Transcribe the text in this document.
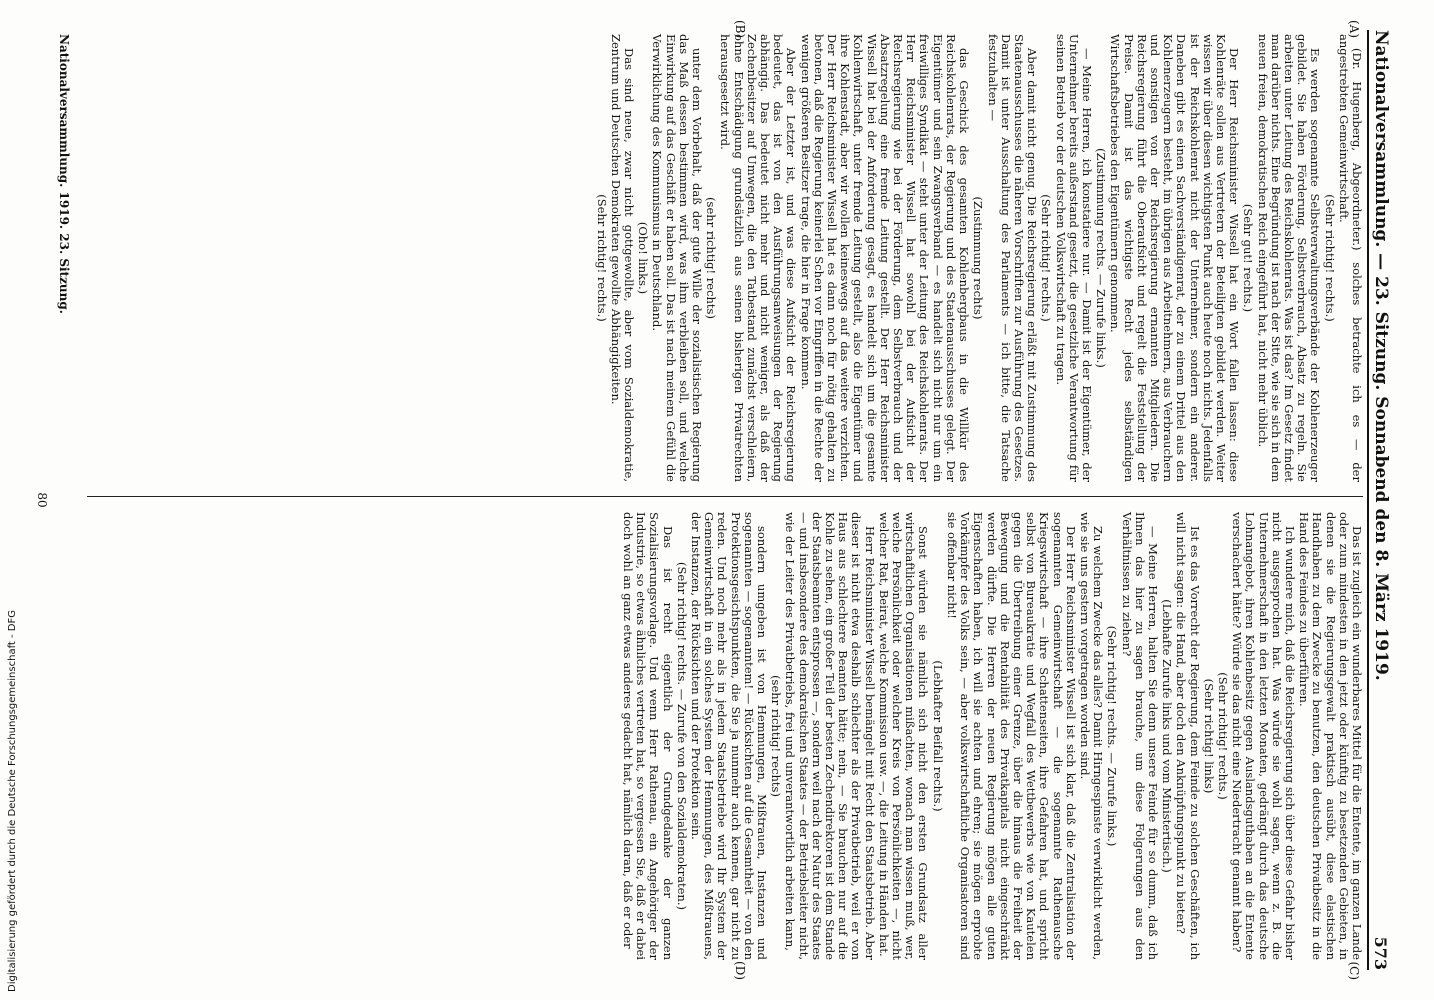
Nationalversammlung. — 23. Sitzung. Sonnabend den 8. März 1919.
573
(A)
(B)
(C)
(D)

(Dr. Hugenberg, Abgeordneter.) solches betrachte ich es — der angestrebten Gemeinwirtschaft.

(Sehr richtig! rechts.)

Es werden sogenannte Selbstverwaltungsverbände der Kohlenerzeuger gebildet. Sie haben Förderung, Selbstverbrauch, Absatz zu regeln. Sie arbeiten unter Leitung des Reichskohlenrats. Was ist das? Im Gesetz findet man darüber nichts. Eine Begründung ist nach der Sitte, wie sie sich in dem neuen freien, demokratischen Reich eingeführt hat, nicht mehr üblich.

(Sehr gut! rechts.)

Der Herr Reichsminister Wissell hat ein Wort fallen lassen: diese Kohlenräte sollen aus Vertretern der Beteiligten gebildet werden. Weiter wissen wir über diesen wichtigsten Punkt auch heute noch nichts. Jedenfalls ist der Reichskohlenrat nicht der Unternehmer, sondern ein anderer. Daneben gibt es einen Sachverständigenrat, der zu einem Drittel aus den Kohlenerzeugern besteht, im übrigen aus Arbeitnehmern, aus Verbrauchern und sonstigen von der Reichsregierung ernannten Mitgliedern. Die Reichsregierung führt die Oberaufsicht und regelt die Feststellung der Preise. Damit ist das wichtigste Recht jedes selbständigen Wirtschaftsbetriebes den Eigentümern genommen.

(Zustimmung rechts. — Zurufe links.)

— Meine Herren, ich konstatiere nur. — Damit ist der Eigentümer, der Unternehmer bereits außerstand gesetzt, die gesetzliche Verantwortung für seinen Betrieb vor der deutschen Volkswirtschaft zu tragen.

(Sehr richtig! rechts.)

Aber damit nicht genug. Die Reichsregierung erläßt mit Zustimmung des Staatenausschusses die näheren Vorschriften zur Ausführung des Gesetzes. Damit ist unter Ausschaltung des Parlaments — ich bitte, die Tatsache festzuhalten —

(Zustimmung rechts)

das Geschick des gesamten Kohlenbergbaus in die Willkür des Reichskohlenrats, der Regierung und des Staatenausschusses gelegt. Der Eigentümer und sein Zwangsverband — es handelt sich nicht nur um ein freiwilliges Syndikat — steht unter der Leitung des Reichskohlenrats. Der Herr Reichsminister Wissell hat sowohl bei der Aufsicht der Reichsregierung wie bei der Förderung, dem Selbstverbrauch und der Absatzregelung eine fremde Leitung gestellt. Der Herr Reichsminister Wissell hat bei der Anforderung gesagt, es handelt sich um die gesamte Kohlenwirtschaft, unter fremde Leitung gestellt, also die Eigentümer und ihre Kohlenstadt, aber wir wollen keineswegs auf das weitere verzichten. Der Herr Reichsminister Wissell hat es dann noch für nötig gehalten zu betonen, daß die Regierung keinerlei Schen vor Eingriffen in die Rechte der wenigen größeren Besitzer trage, die hier in Frage kommen.

Aber der Letzter ist, und was diese Aufsicht der Reichsregierung bedeutet, das ist von den Ausführungsanweisungen der Regierung abhängig. Das bedeutet nicht mehr und nicht weniger, als daß der Zechenbesitzer auf Umwegen, die den Tatbestand zunächst verschleiern, ohne Entschädigung grundsätzlich aus seinen bisherigen Privatrechten herausgesetzt wird.

(sehr richtig! rechts)

unter dem Vorbehalt, daß der gute Wille der sozialistischen Regierung das Maß dessen bestimmen wird, was ihm verbleiben soll, und welche Einwirkung auf das Geschäft er haben soll. Das ist nach meinem Gefühl die Verwirklichung des Kommunismus in Deutschland.

(Oho! links.)

Das sind neue, zwar nicht gottgewollte, aber vom Sozialdemokratie, Zentrum und Deutschen Demokraten gewollte Abhängigkeiten.

(Sehr richtig! rechts.)

Das ist zugleich ein wunderbares Mittel für die Entente, im ganzen Lande oder zum mindesten in den jetzt oder künftig zu besetzenden Gebieten, in denen sie die Regierungsgewalt praktisch ausübt, diese elastischen Handhaben zu dem Zwecke zu benutzen, den deutschen Privatbesitz in die Hand des Feindes zu überführen.

Ich wundere mich, daß die Reichsregierung sich über diese Gefahr bisher nicht ausgesprochen hat. Was würde sie wohl sagen, wenn z. B. die Unternehmerschaft in den letzten Monaten, gedrängt durch das deutsche Lohnangebot, ihren Kohlenbesitz gegen Auslandsguthaben an die Entente verschachert hätte? Würde sie das nicht eine Niedertracht genannt haben?

(Sehr richtig! rechts.)

(Sehr richtig! links)

Ist es das Vorrecht der Regierung, dem Feinde zu solchen Geschäften, ich will nicht sagen: die Hand, aber doch den Anknüpfungspunkt zu bieten?

(Lebhafte Zurufe links und vom Ministertisch.)

— Meine Herren, halten Sie denn unsere Feinde für so dumm, daß ich Ihnen das hier zu sagen brauche, um diese Folgerungen aus den Verhältnissen zu ziehen?

(Sehr richtig! rechts. — Zurufe links.)

Zu welchem Zwecke das alles? Damit Hirngespinste verwirklicht werden, wie sie uns gestern vorgetragen worden sind.

Der Herr Reichsminister Wissell ist sich klar, daß die Zentralisation der sogenannten Gemeinwirtschaft — die sogenannte Rathenausche Kriegswirtschaft — ihre Schattenseiten, ihre Gefahren hat, und spricht selbst von Bureaukratie und Wegfall des Wettbewerbs wie von Kautelen gegen die Übertreibung einer Grenze, über die hinaus die Freiheit der Bewegung und die Rentabilität des Privatkapitals nicht eingeschränkt werden dürfte. Die Herren der neuen Regierung mögen alle guten Eigenschaften haben, ich will sie achten und ehren; sie mögen erprobte Vorkämpfer des Volks sein, — aber volkswirtschaftliche Organisatoren sind sie offenbar nicht!

(Lebhafter Beifall rechts.)

Sonst würden sie nämlich sich nicht den ersten Grundsatz aller wirtschaftlichen Organisationen mißachten, wonach man wissen muß, wer, welche Persönlichkeit oder welcher Kreis von Persönlichkeiten —, nicht welcher Rat, Beirat, welche Kommission usw. —, die Leitung in Händen hat.

Herr Reichsminister Wissell bemängelt mit Recht den Staatsbetrieb. Aber dieser ist nicht etwa deshalb schlechter als der Privatbetrieb, weil er von Haus aus schlechtere Beamten hätte; nein, — Sie brauchen nur auf die Kohle zu sehen, ein großer Teil der besten Zechendirektoren ist dem Stande der Staatsbeamten entsprossen —, sondern weil nach der Natur des Staates — und insbesondere des demokratischen Staates — der Betriebsleiter nicht, wie der Leiter des Privatbetriebs, frei und unverantwortlich arbeiten kann,

(sehr richtig! rechts)

sondern umgeben ist von Hemmungen, Mißtrauen, Instanzen und sogenannten — sogenanntem! — Rücksichten auf die Gesamtheit — von den Protektionsgesichtspunkten, die Sie ja nunmehr auch kennen, gar nicht zu reden. Und noch mehr als in jedem Staatsbetriebe wird Ihr System der Gemeinwirtschaft in ein solches System der Hemmungen, des Mißtrauens, der Instanzen, der Rücksichten und der Protektion sein.

(Sehr richtig! rechts. — Zurufe von den Sozialdemokraten.)

Das ist recht eigentlich der Grundgedanke der ganzen Sozialisierungsvorlage. Und wenn Herr Rathenau, ein Angehöriger der Industrie, so etwas ähnliches vertreten hat, so vergessen Sie, daß er dabei doch wohl an ganz etwas anderes gedacht hat, nämlich daran, daß er oder

Nationalversammlung. 1919. 23. Sitzung.
80
Digitalisierung gefördert durch die Deutsche Forschungsgemeinschaft - DFG
